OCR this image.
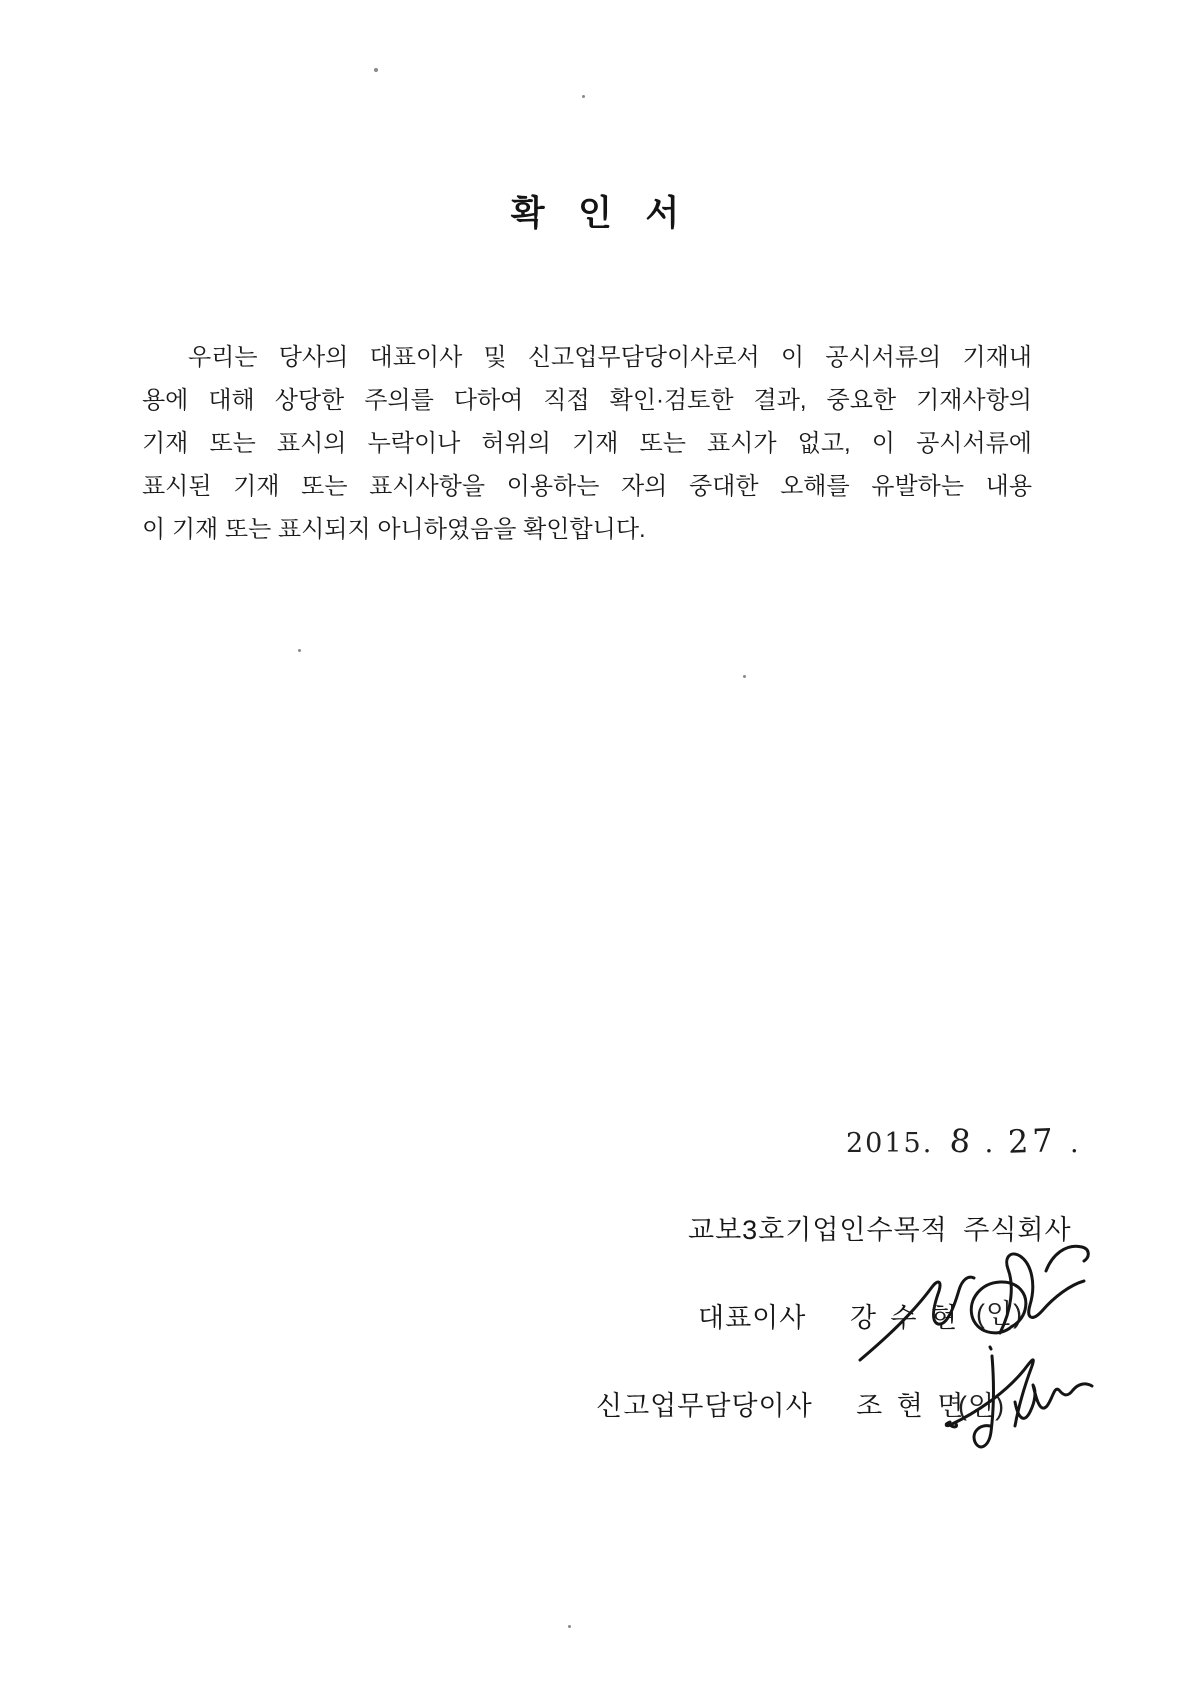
확 인 서
우리는 당사의 대표이사 및 신고업무담당이사로서 이 공시서류의 기재내
용에 대해 상당한 주의를 다하여 직접 확인·검토한 결과, 중요한 기재사항의
기재 또는 표시의 누락이나 허위의 기재 또는 표시가 없고, 이 공시서류에
표시된 기재 또는 표시사항을 이용하는 자의 중대한 오해를 유발하는 내용
이 기재 또는 표시되지 아니하였음을 확인합니다.
2015. 8 . 27 .
교보3호기업인수목적 주식회사
대표이사 강 수 현 (인)
신고업무담당이사 조 현 면
(인)
